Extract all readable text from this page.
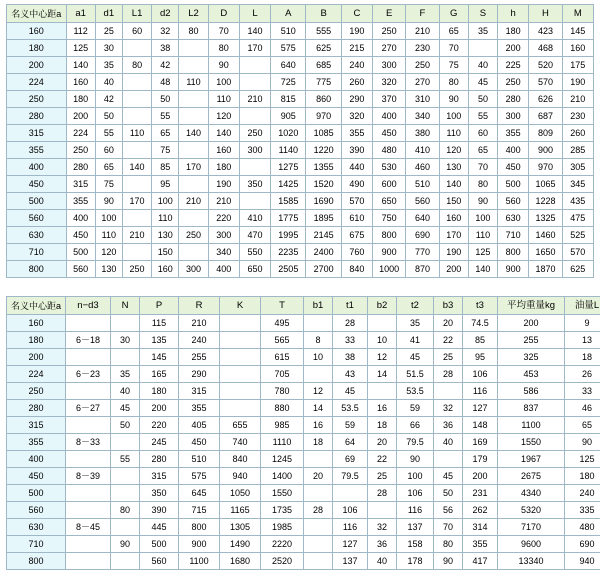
名义中心距a	a1	d1	L1	d2	L2	D	L	A	B	C	E	F	G	S	h	H	M
160	112	25	60	32	80	70	140	510	555	190	250	210	65	35	180	423	145
180	125	30		38		80	170	575	625	215	270	230	70		200	468	160
200	140	35	80	42		90		640	685	240	300	250	75	40	225	520	175
224	160	40		48	110	100		725	775	260	320	270	80	45	250	570	190
250	180	42		50		110	210	815	860	290	370	310	90	50	280	626	210
280	200	50		55		120		905	970	320	400	340	100	55	300	687	230
315	224	55	110	65	140	140	250	1020	1085	355	450	380	110	60	355	809	260
355	250	60		75		160	300	1140	1220	390	480	410	120	65	400	900	285
400	280	65	140	85	170	180		1275	1355	440	530	460	130	70	450	970	305
450	315	75		95		190	350	1425	1520	490	600	510	140	80	500	1065	345
500	355	90	170	100	210	210		1585	1690	570	650	560	150	90	560	1228	435
560	400	100		110		220	410	1775	1895	610	750	640	160	100	630	1325	475
630	450	110	210	130	250	300	470	1995	2145	675	800	690	170	110	710	1460	525
710	500	120		150		340	550	2235	2400	760	900	770	190	125	800	1650	570
800	560	130	250	160	300	400	650	2505	2700	840	1000	870	200	140	900	1870	625
名义中心距a	n−d3	N	P	R	K	T	b1	t1	b2	t2	b3	t3	平均重量kg	油量L
160			115	210		495		28		35	20	74.5	200	9
180	6－18	30	135	240		565	8	33	10	41	22	85	255	13
200			145	255		615	10	38	12	45	25	95	325	18
224	6－23	35	165	290		705		43	14	51.5	28	106	453	26
250		40	180	315		780	12	45		53.5		116	586	33
280	6－27	45	200	355		880	14	53.5	16	59	32	127	837	46
315		50	220	405	655	985	16	59	18	66	36	148	1100	65
355	8－33		245	450	740	1110	18	64	20	79.5	40	169	1550	90
400		55	280	510	840	1245		69	22	90		179	1967	125
450	8－39		315	575	940	1400	20	79.5	25	100	45	200	2675	180
500			350	645	1050	1550			28	106	50	231	4340	240
560		80	390	715	1165	1735	28	106		116	56	262	5320	335
630	8－45		445	800	1305	1985		116	32	137	70	314	7170	480
710		90	500	900	1490	2220		127	36	158	80	355	9600	690
800			560	1100	1680	2520		137	40	178	90	417	13340	940
